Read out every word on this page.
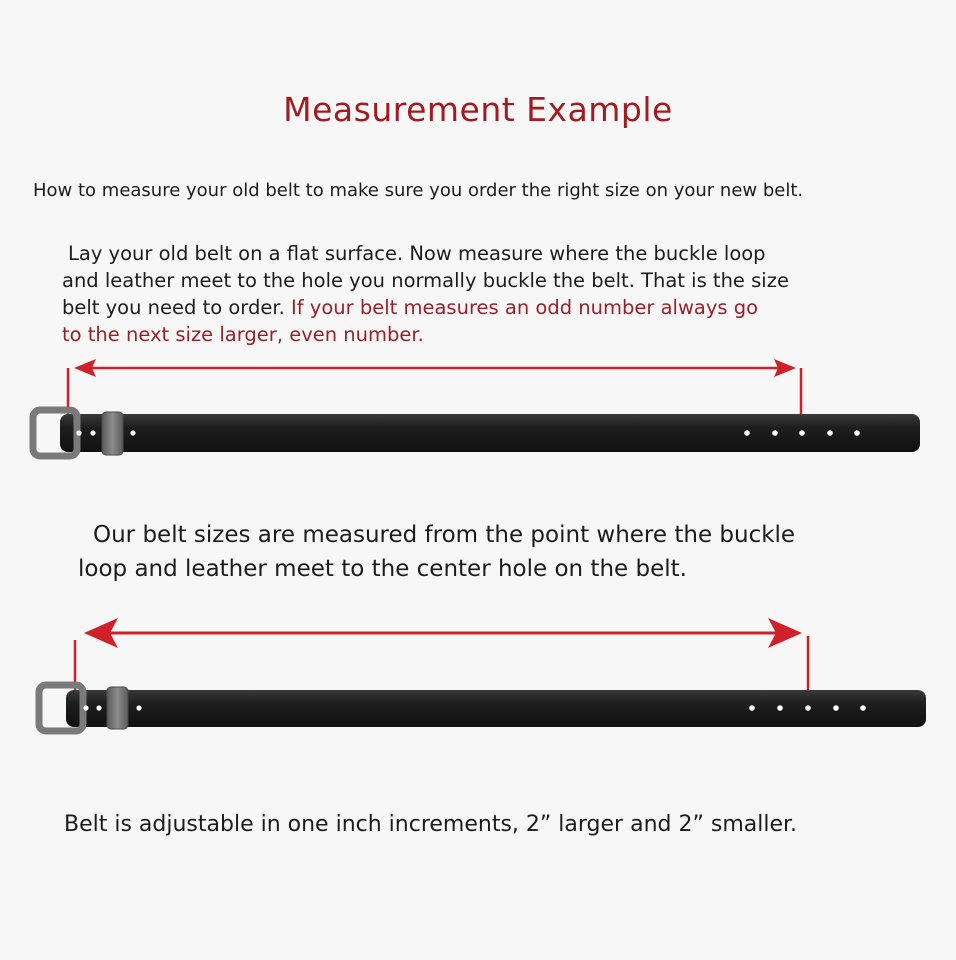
Measurement Example
How to measure your old belt to make sure you order the right size on your new belt.
Lay your old belt on a flat surface. Now measure where the buckle loop
and leather meet to the hole you normally buckle the belt. That is the size
belt you need to order. If your belt measures an odd number always go
to the next size larger, even number.
Our belt sizes are measured from the point where the buckle
loop and leather meet to the center hole on the belt.
Belt is adjustable in one inch increments, 2” larger and 2” smaller.
